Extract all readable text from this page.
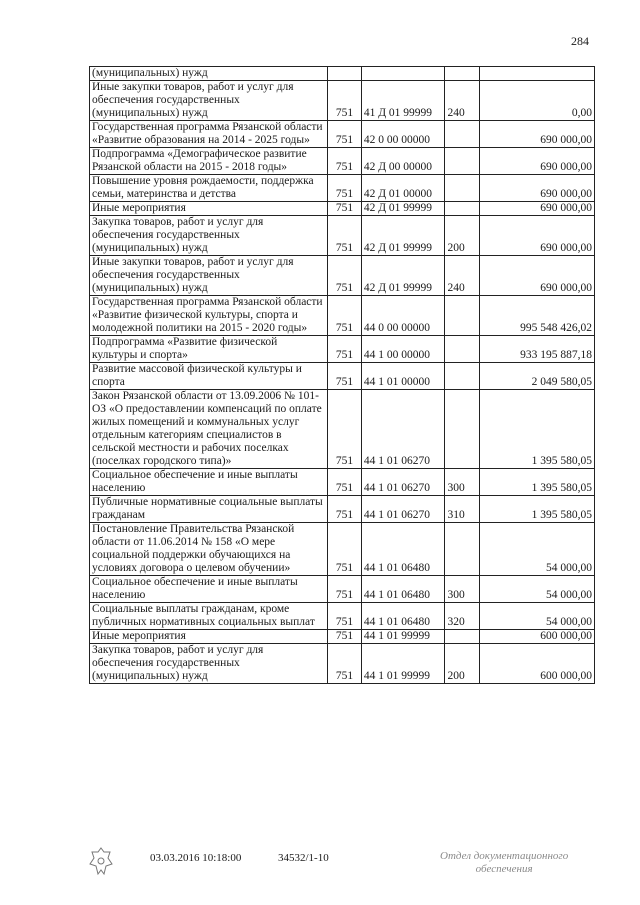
284
(муниципальных) нужд				
Иные закупки товаров, работ и услуг для обеспечения государственных (муниципальных) нужд	751	41 Д 01 99999	240	0,00
Государственная программа Рязанской области «Развитие образования на 2014 - 2025 годы»	751	42 0 00 00000		690 000,00
Подпрограмма «Демографическое развитие Рязанской области на 2015 - 2018 годы»	751	42 Д 00 00000		690 000,00
Повышение уровня рождаемости, поддержка семьи, материнства и детства	751	42 Д 01 00000		690 000,00
Иные мероприятия	751	42 Д 01 99999		690 000,00
Закупка товаров, работ и услуг для обеспечения государственных (муниципальных) нужд	751	42 Д 01 99999	200	690 000,00
Иные закупки товаров, работ и услуг для обеспечения государственных (муниципальных) нужд	751	42 Д 01 99999	240	690 000,00
Государственная программа Рязанской области «Развитие физической культуры, спорта и молодежной политики на 2015 - 2020 годы»	751	44 0 00 00000		995 548 426,02
Подпрограмма «Развитие физической культуры и спорта»	751	44 1 00 00000		933 195 887,18
Развитие массовой физической культуры и спорта	751	44 1 01 00000		2 049 580,05
Закон Рязанской области от 13.09.2006 № 101-ОЗ «О предоставлении компенсаций по оплате жилых помещений и коммунальных услуг отдельным категориям специалистов в сельской местности и рабочих поселках (поселках городского типа)»	751	44 1 01 06270		1 395 580,05
Социальное обеспечение и иные выплаты населению	751	44 1 01 06270	300	1 395 580,05
Публичные нормативные социальные выплаты гражданам	751	44 1 01 06270	310	1 395 580,05
Постановление Правительства Рязанской области от 11.06.2014 № 158 «О мере социальной поддержки обучающихся на условиях договора о целевом обучении»	751	44 1 01 06480		54 000,00
Социальное обеспечение и иные выплаты населению	751	44 1 01 06480	300	54 000,00
Социальные выплаты гражданам, кроме публичных нормативных социальных выплат	751	44 1 01 06480	320	54 000,00
Иные мероприятия	751	44 1 01 99999		600 000,00
Закупка товаров, работ и услуг для обеспечения государственных (муниципальных) нужд	751	44 1 01 99999	200	600 000,00
03.03.2016 10:18:00	34532/1-10	Отдел документационного
обеспечения
